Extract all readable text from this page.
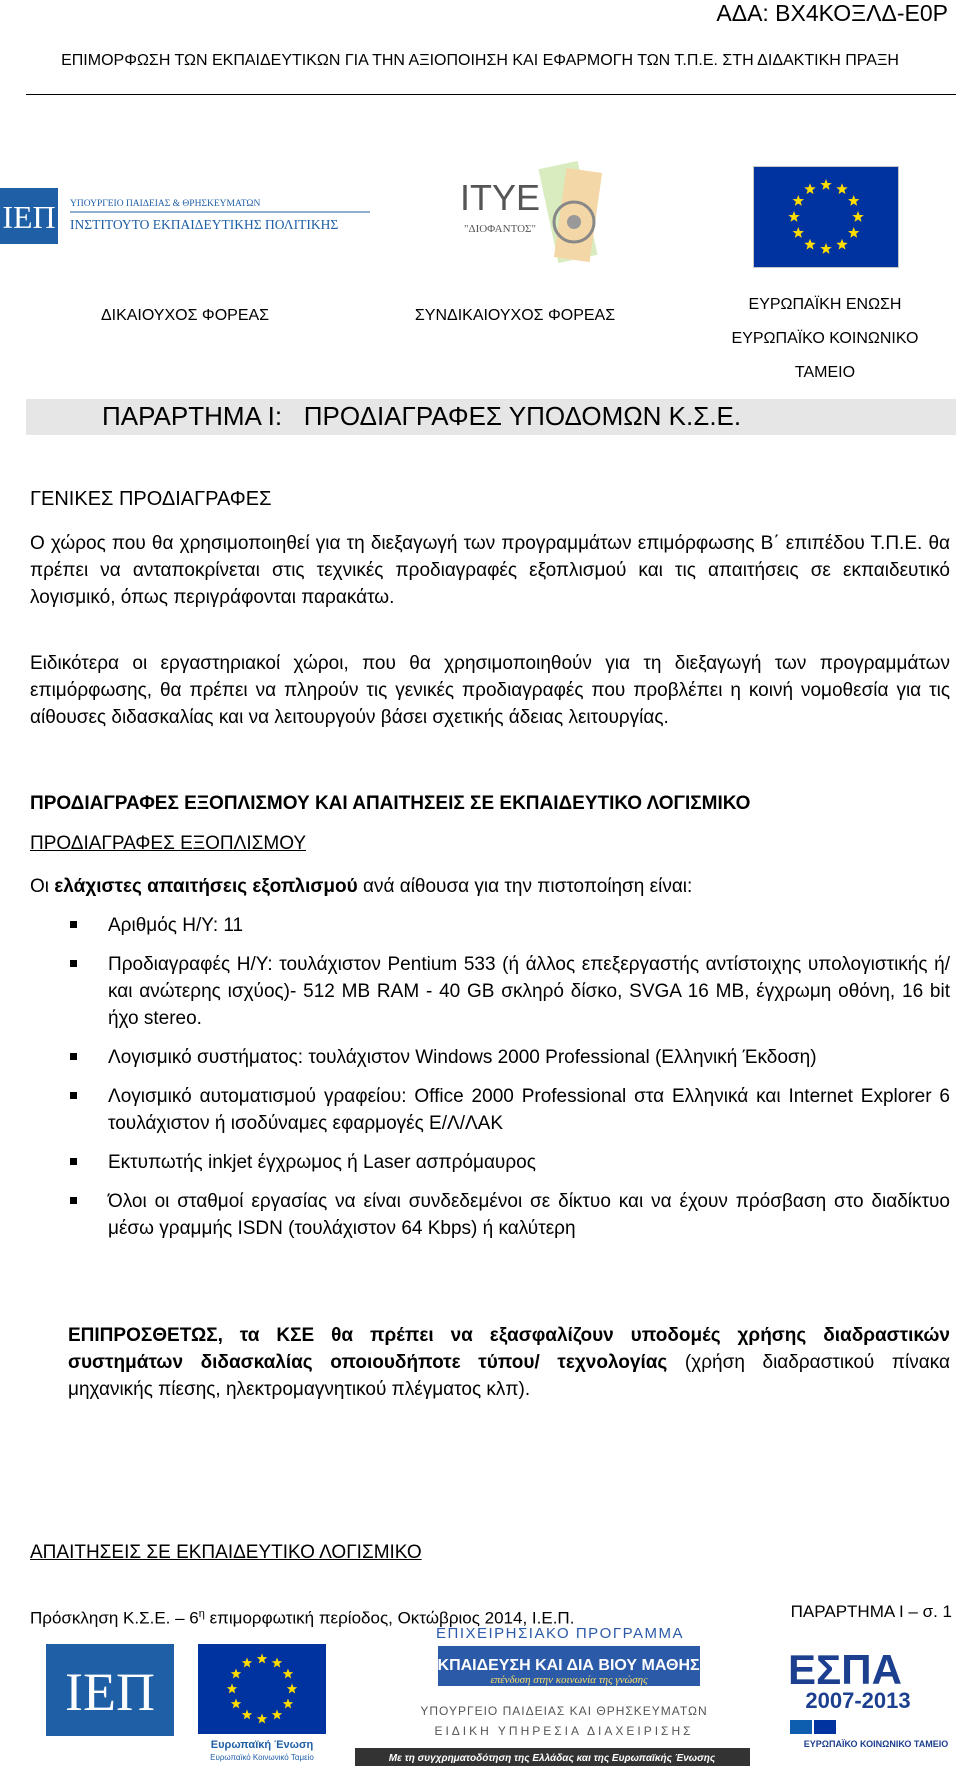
ΑΔΑ: ΒΧ4ΚΟΞΛΔ-Ε0Ρ
ΕΠΙΜΟΡΦΩΣΗ ΤΩΝ ΕΚΠΑΙΔΕΥΤΙΚΩΝ ΓΙΑ ΤΗΝ ΑΞΙΟΠΟΙΗΣΗ ΚΑΙ ΕΦΑΡΜΟΓΗ ΤΩΝ Τ.Π.Ε. ΣΤΗ ΔΙΔΑΚΤΙΚΗ ΠΡΑΞΗ
ΙΕΠ ΥΠΟΥΡΓΕΙΟ ΠΑΙΔΕΙΑΣ & ΘΡΗΣΚΕΥΜΑΤΩΝ
ΙΝΣΤΙΤΟΥΤΟ ΕΚΠΑΙΔΕΥΤΙΚΗΣ ΠΟΛΙΤΙΚΗΣ
ΙΤΥΕ
"ΔΙΟΦΑΝΤΟΣ"
ΔΙΚΑΙΟΥΧΟΣ ΦΟΡΕΑΣ	ΣΥΝΔΙΚΑΙΟΥΧΟΣ ΦΟΡΕΑΣ
ΕΥΡΩΠΑΪΚΗ ΕΝΩΣΗ
ΕΥΡΩΠΑΪΚΟ ΚΟΙΝΩΝΙΚΟ
ΤΑΜΕΙΟ
ΠΑΡΑΡΤΗΜΑ Ι:   ΠΡΟΔΙΑΓΡΑΦΕΣ ΥΠΟΔΟΜΩΝ Κ.Σ.Ε.
ΓΕΝΙΚΕΣ ΠΡΟΔΙΑΓΡΑΦΕΣ
Ο χώρος που θα χρησιμοποιηθεί για τη διεξαγωγή των προγραμμάτων επιμόρφωσης Β΄ επιπέδου Τ.Π.Ε. θα πρέπει να ανταποκρίνεται στις τεχνικές προδιαγραφές εξοπλισμού και τις απαιτήσεις σε εκπαιδευτικό λογισμικό, όπως περιγράφονται παρακάτω.
Ειδικότερα οι εργαστηριακοί χώροι, που θα χρησιμοποιηθούν για τη διεξαγωγή των προγραμμάτων επιμόρφωσης, θα πρέπει να πληρούν τις γενικές προδιαγραφές που προβλέπει η κοινή νομοθεσία για τις αίθουσες διδασκαλίας και να λειτουργούν βάσει σχετικής άδειας λειτουργίας.
ΠΡΟΔΙΑΓΡΑΦΕΣ ΕΞΟΠΛΙΣΜΟΥ ΚΑΙ ΑΠΑΙΤΗΣΕΙΣ ΣΕ ΕΚΠΑΙΔΕΥΤΙΚΟ ΛΟΓΙΣΜΙΚΟ
ΠΡΟΔΙΑΓΡΑΦΕΣ ΕΞΟΠΛΙΣΜΟΥ
Οι ελάχιστες απαιτήσεις εξοπλισμού ανά αίθουσα για την πιστοποίηση είναι:
Αριθμός Η/Υ: 11
Προδιαγραφές Η/Υ: τουλάχιστον Pentium 533 (ή άλλος επεξεργαστής αντίστοιχης υπολογιστικής ή/και ανώτερης ισχύος)- 512 MB RAM - 40 GB σκληρό δίσκο, SVGA 16 MB, έγχρωμη οθόνη, 16 bit ήχο stereo.
Λογισμικό συστήματος: τουλάχιστον Windows 2000 Professional (Ελληνική Έκδοση)
Λογισμικό αυτοματισμού γραφείου: Office 2000 Professional στα Ελληνικά και Internet Explorer 6 τουλάχιστον ή ισοδύναμες εφαρμογές Ε/Λ/ΛΑΚ
Εκτυπωτής inkjet έγχρωμος ή Laser ασπρόμαυρος
Όλοι οι σταθμοί εργασίας να είναι συνδεδεμένοι σε δίκτυο και να έχουν πρόσβαση στο διαδίκτυο μέσω γραμμής ISDN (τουλάχιστον 64 Kbps) ή καλύτερη
ΕΠΙΠΡΟΣΘΕΤΩΣ, τα ΚΣΕ θα πρέπει να εξασφαλίζουν υποδομές χρήσης διαδραστικών συστημάτων διδασκαλίας οποιουδήποτε τύπου/ τεχνολογίας (χρήση διαδραστικού πίνακα μηχανικής πίεσης, ηλεκτρομαγνητικού πλέγματος κλπ).
ΑΠΑΙΤΗΣΕΙΣ ΣΕ ΕΚΠΑΙΔΕΥΤΙΚΟ ΛΟΓΙΣΜΙΚΟ
Πρόσκληση Κ.Σ.Ε. – $6^\eta$ επιμορφωτική περίοδος, Οκτώβριος 2014, Ι.Ε.Π.	ΠΑΡΑΡΤΗΜΑ Ι – σ. 1
ΙΕΠ
Ευρωπαϊκή Ένωση
Ευρωπαϊκό Κοινωνικό Ταμείο
ΕΠΙΧΕΙΡΗΣΙΑΚΟ ΠΡΟΓΡΑΜΜΑ
ΕΚΠΑΙΔΕΥΣΗ ΚΑΙ ΔΙΑ ΒΙΟΥ ΜΑΘΗΣΗ
επένδυση στην κοινωνία της γνώσης
ΥΠΟΥΡΓΕΙΟ ΠΑΙΔΕΙΑΣ ΚΑΙ ΘΡΗΣΚΕΥΜΑΤΩΝ
ΕΙΔΙΚΗ ΥΠΗΡΕΣΙΑ ΔΙΑΧΕΙΡΙΣΗΣ
Με τη συγχρηματοδότηση της Ελλάδας και της Ευρωπαϊκής Ένωσης
ΕΣΠΑ
2007-2013
ΕΥΡΩΠΑΪΚΟ ΚΟΙΝΩΝΙΚΟ ΤΑΜΕΙΟ
